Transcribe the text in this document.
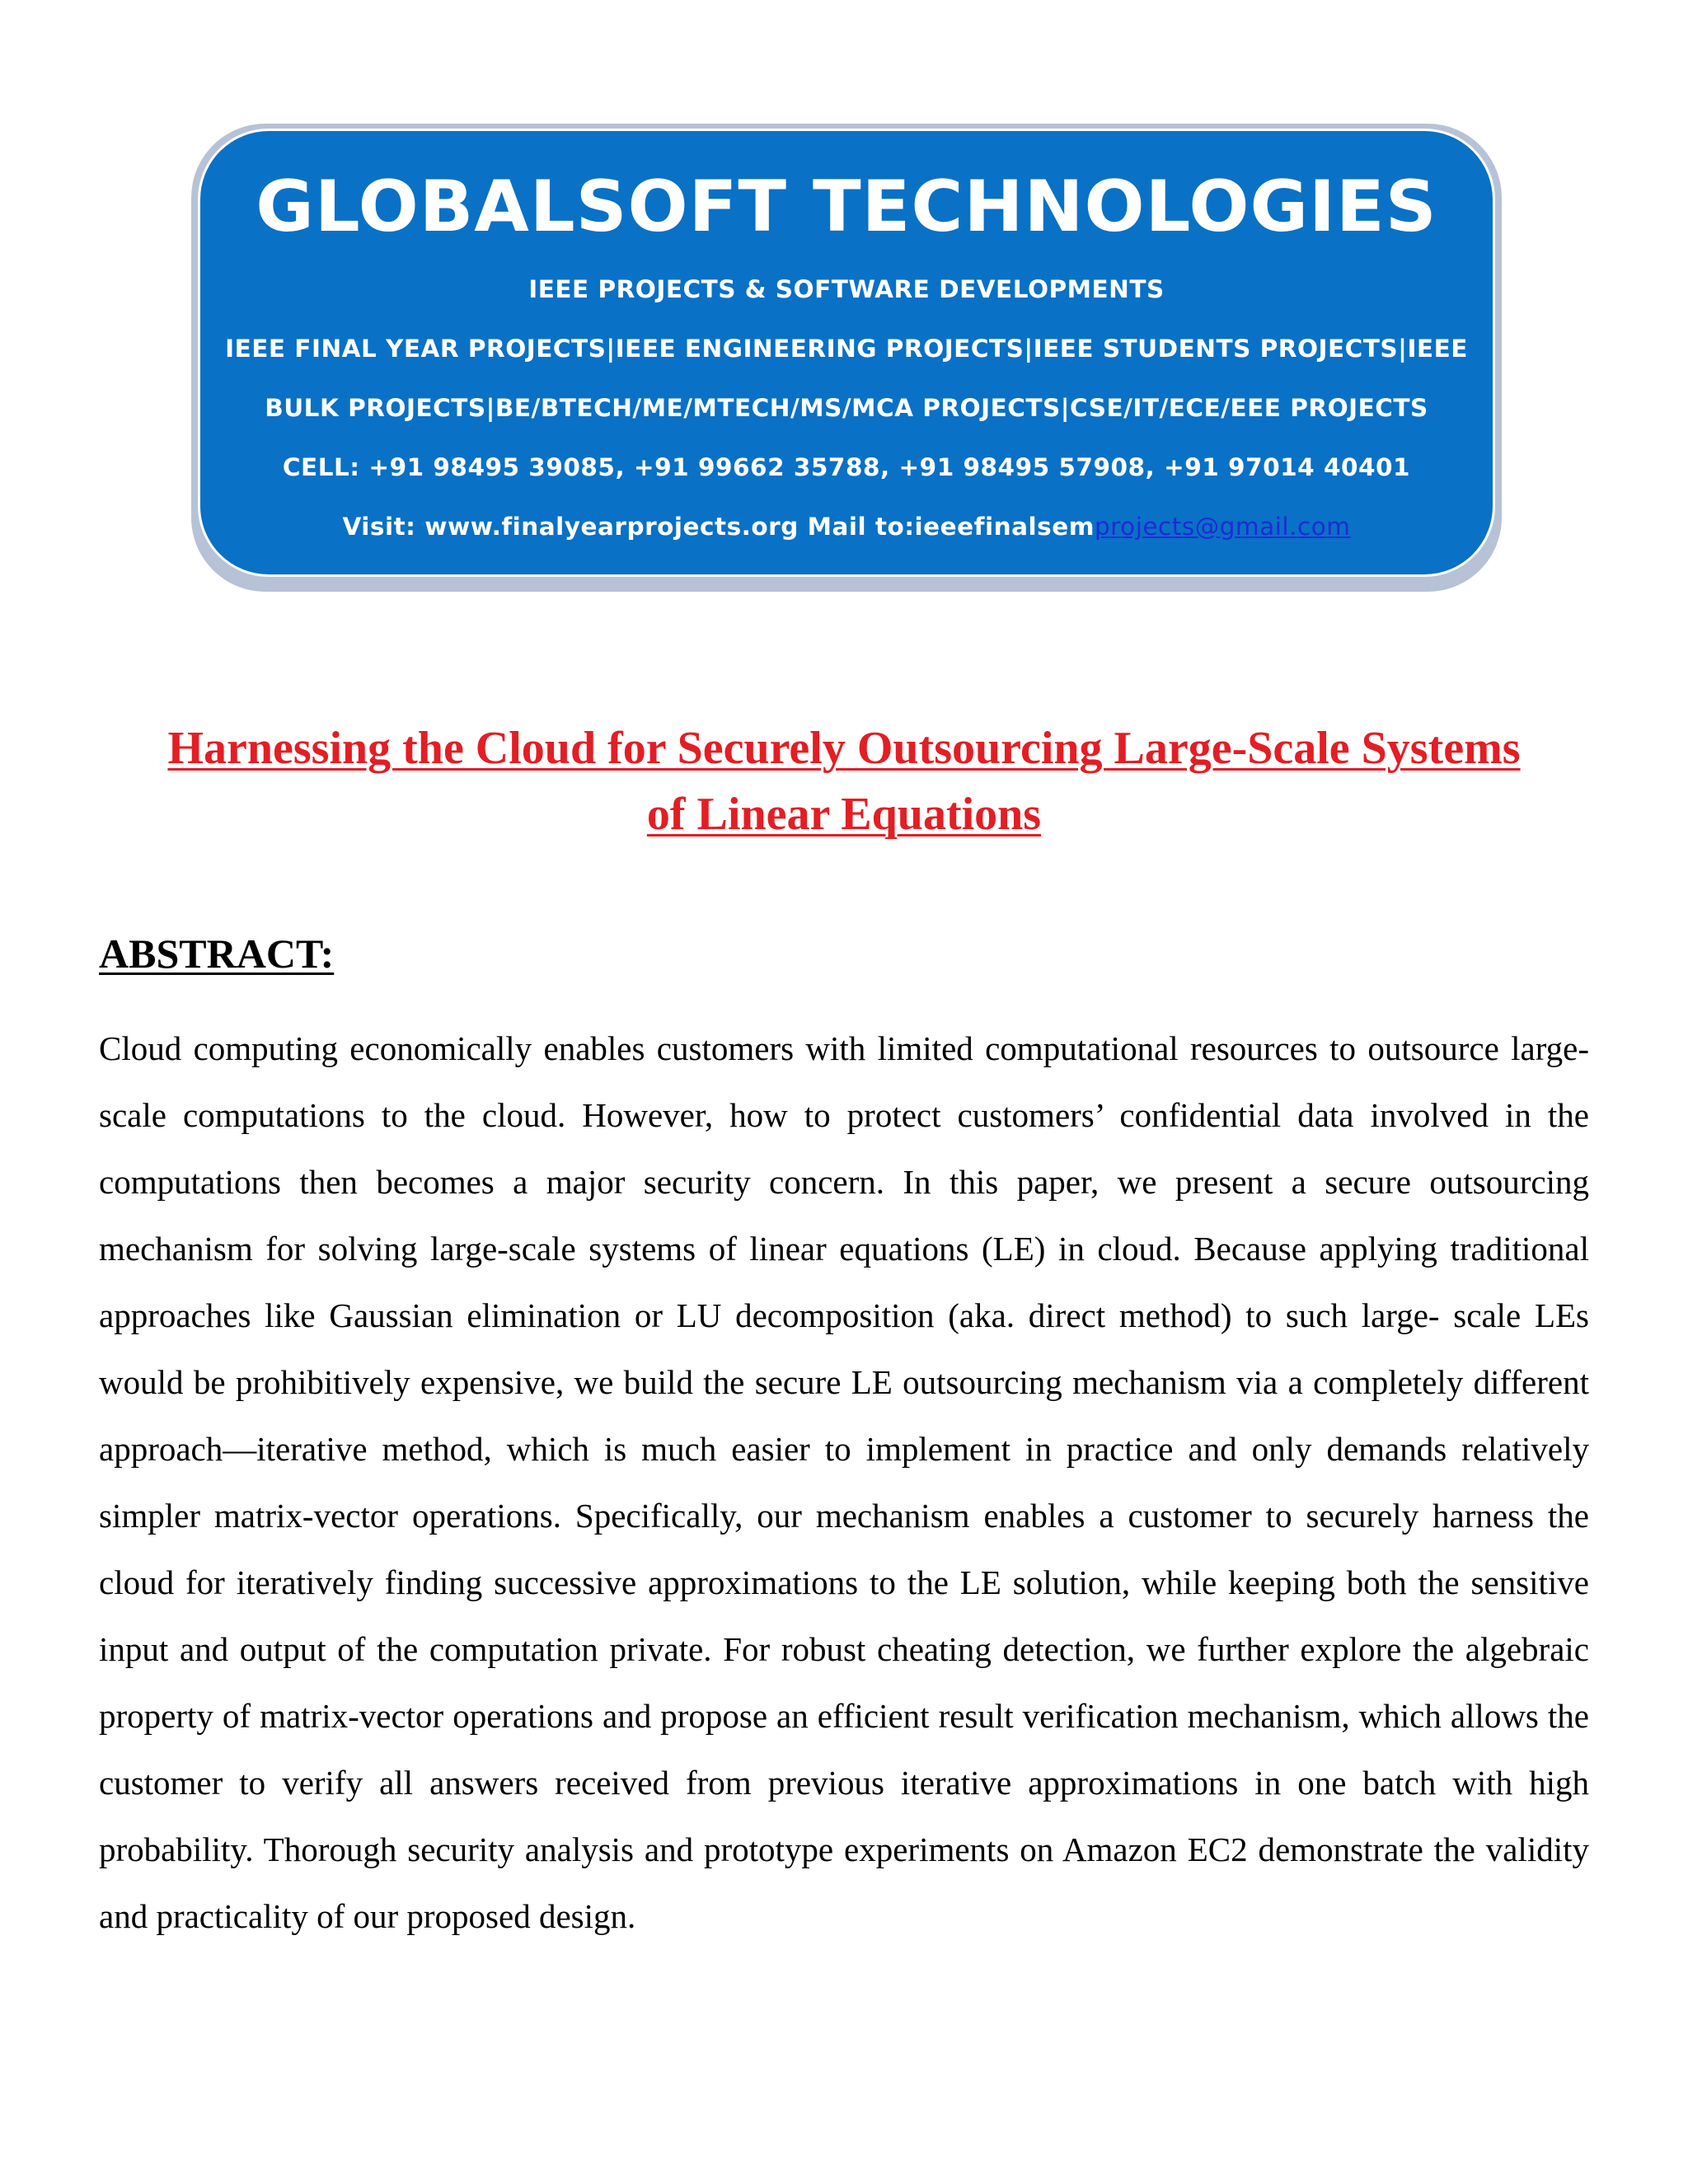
GLOBALSOFT TECHNOLOGIES
IEEE PROJECTS & SOFTWARE DEVELOPMENTS
IEEE FINAL YEAR PROJECTS|IEEE ENGINEERING PROJECTS|IEEE STUDENTS PROJECTS|IEEE
BULK PROJECTS|BE/BTECH/ME/MTECH/MS/MCA PROJECTS|CSE/IT/ECE/EEE PROJECTS
CELL: +91 98495 39085, +91 99662 35788, +91 98495 57908, +91 97014 40401
Visit: www.finalyearprojects.org Mail to:ieeefinalsemprojects@gmail.com
Harnessing the Cloud for Securely Outsourcing Large-Scale Systems
of Linear Equations
ABSTRACT:

Cloud computing economically enables customers with limited computational resources to outsource large-scale computations to the cloud. However, how to protect customers’ confidential data involved in the computations then becomes a major security concern. In this paper, we present a secure outsourcing mechanism for solving large-scale systems of linear equations (LE) in cloud. Because applying traditional approaches like Gaussian elimination or LU decomposition (aka. direct method) to such large- scale LEs would be prohibitively expensive, we build the secure LE outsourcing mechanism via a completely different approach—iterative method, which is much easier to implement in practice and only demands relatively simpler matrix-vector operations. Specifically, our mechanism enables a customer to securely harness the cloud for iteratively finding successive approximations to the LE solution, while keeping both the sensitive input and output of the computation private. For robust cheating detection, we further explore the algebraic property of matrix-vector operations and propose an efficient result verification mechanism, which allows the customer to verify all answers received from previous iterative approximations in one batch with high probability. Thorough security analysis and prototype experiments on Amazon EC2 demonstrate the validity and practicality of our proposed design.
